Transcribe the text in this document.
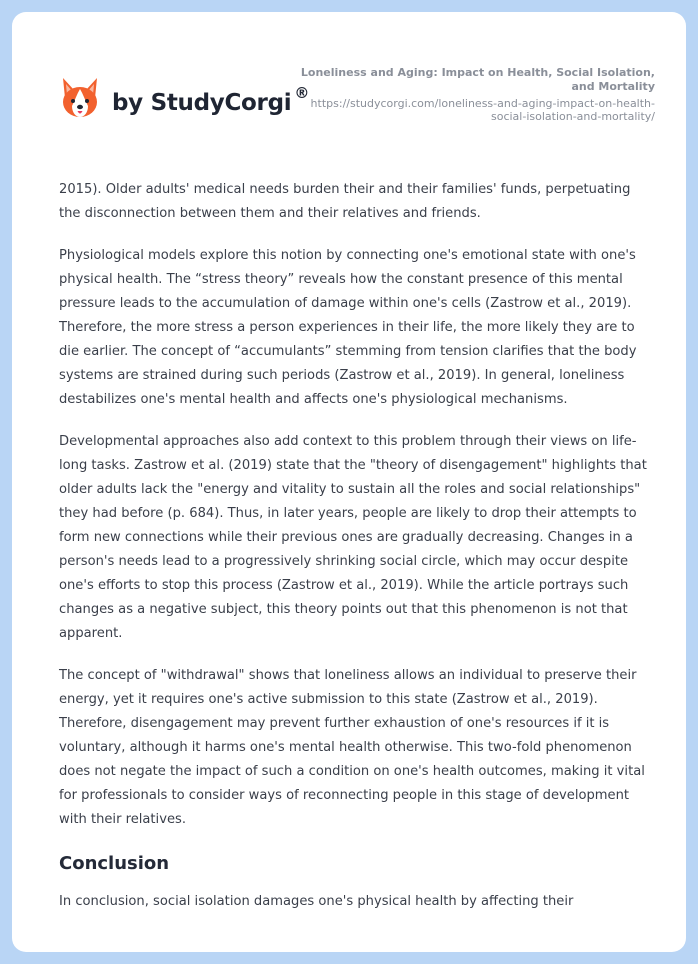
by StudyCorgi ®
Loneliness and Aging: Impact on Health, Social Isolation, and Mortality
https://studycorgi.com/loneliness-and-aging-impact-on-health-social-isolation-and-mortality/

2015). Older adults' medical needs burden their and their families' funds, perpetuating the disconnection between them and their relatives and friends.

Physiological models explore this notion by connecting one's emotional state with one's physical health. The “stress theory” reveals how the constant presence of this mental pressure leads to the accumulation of damage within one's cells (Zastrow et al., 2019). Therefore, the more stress a person experiences in their life, the more likely they are to die earlier. The concept of “accumulants” stemming from tension clarifies that the body systems are strained during such periods (Zastrow et al., 2019). In general, loneliness destabilizes one's mental health and affects one's physiological mechanisms.

Developmental approaches also add context to this problem through their views on life-long tasks. Zastrow et al. (2019) state that the "theory of disengagement" highlights that older adults lack the "energy and vitality to sustain all the roles and social relationships" they had before (p. 684). Thus, in later years, people are likely to drop their attempts to form new connections while their previous ones are gradually decreasing. Changes in a person's needs lead to a progressively shrinking social circle, which may occur despite one's efforts to stop this process (Zastrow et al., 2019). While the article portrays such changes as a negative subject, this theory points out that this phenomenon is not that apparent.

The concept of "withdrawal" shows that loneliness allows an individual to preserve their energy, yet it requires one's active submission to this state (Zastrow et al., 2019). Therefore, disengagement may prevent further exhaustion of one's resources if it is voluntary, although it harms one's mental health otherwise. This two-fold phenomenon does not negate the impact of such a condition on one's health outcomes, making it vital for professionals to consider ways of reconnecting people in this stage of development with their relatives.

Conclusion

In conclusion, social isolation damages one's physical health by affecting their
